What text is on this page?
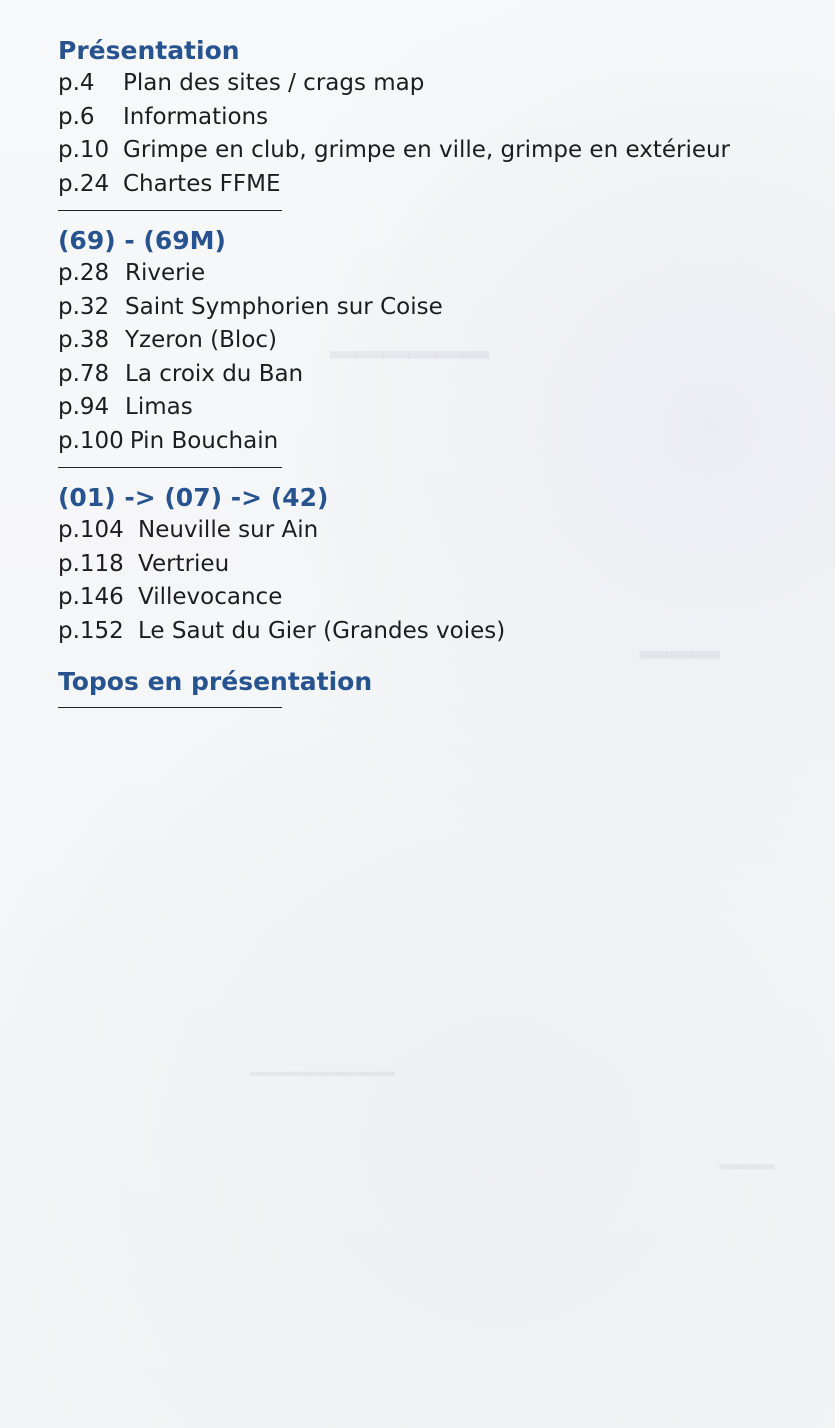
━━━━━━
━━━
━━━━━━━━━━
━━━
Présentation
p.4	Plan des sites / crags map
p.6	Informations
p.10 Grimpe en club, grimpe en ville, grimpe en extérieur
p.24 Chartes FFME
(69) - (69M)
p.28 Riverie
p.32 Saint Symphorien sur Coise
p.38 Yzeron (Bloc)
p.78 La croix du Ban
p.94 Limas
p.100 Pin Bouchain
(01) -> (07) -> (42)
p.104 Neuville sur Ain
p.118 Vertrieu
p.146 Villevocance
p.152 Le Saut du Gier (Grandes voies)
Topos en présentation
